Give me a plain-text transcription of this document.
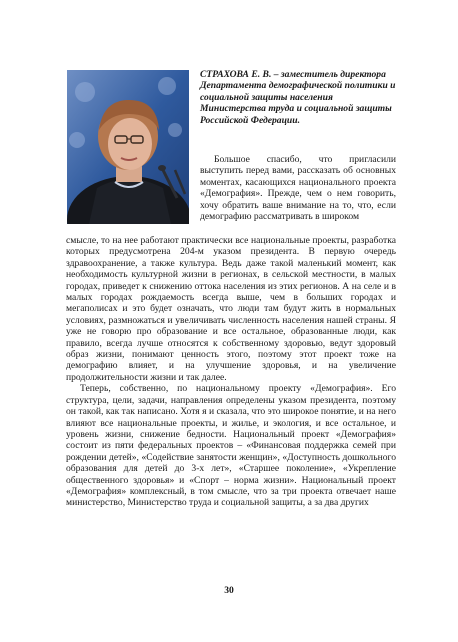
СТРАХОВА Е. В. – заместитель директора Департамента демографической политики и социальной защиты населения Министерства труда и социальной защиты Российской Федерации.

Большое спасибо, что пригласили выступить перед вами, рассказать об основных моментах, касающихся национального проекта «Демография». Прежде, чем о нем говорить, хочу обратить ваше внимание на то, что, если демографию рассматривать в широком

смысле, то на нее работают практически все национальные проекты, разработка которых предусмотрена 204-м указом президента. В первую очередь здравоохранение, а также культура. Ведь даже такой маленький момент, как необходимость культурной жизни в регионах, в сельской местности, в малых городах, приведет к снижению оттока населения из этих регионов. А на селе и в малых городах рождаемость всегда выше, чем в больших городах и мегаполисах и это будет означать, что люди там будут жить в нормальных условиях, размножаться и увеличивать численность населения нашей страны. Я уже не говорю про образование и все остальное, образованные люди, как правило, всегда лучше относятся к собственному здоровью, ведут здоровый образ жизни, понимают ценность этого, поэтому этот проект тоже на демографию влияет, и на улучшение здоровья, и на увеличение продолжительности жизни и так далее.

Теперь, собственно, по национальному проекту «Демография». Его структура, цели, задачи, направления определены указом президента, поэтому он такой, как так написано. Хотя я и сказала, что это широкое понятие, и на него влияют все национальные проекты, и жилье, и экология, и все остальное, и уровень жизни, снижение бедности. Национальный проект «Демография» состоит из пяти федеральных проектов – «Финансовая поддержка семей при рождении детей», «Содействие занятости женщин», «Доступность дошкольного образования для детей до 3-х лет», «Старшее поколение», «Укрепление общественного здоровья» и «Спорт – норма жизни». Национальный проект «Демография» комплексный, в том смысле, что за три проекта отвечает наше министерство, Министерство труда и социальной защиты, а за два других

30
